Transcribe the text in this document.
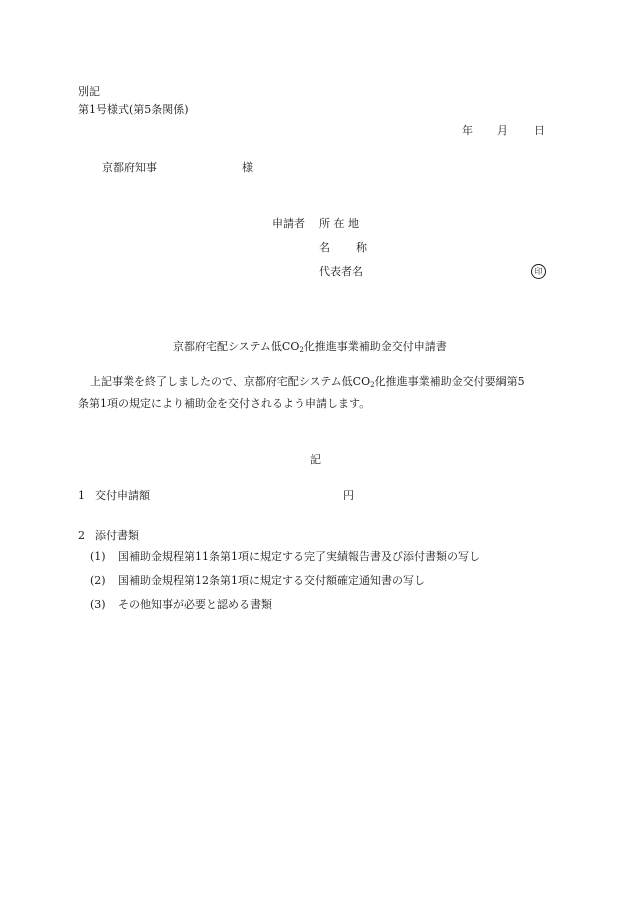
別記
第1号様式(第5条関係)
年 月 日
京都府知事	様
申請者 所 在 地
名 称
代表者名	印
京都府宅配システム低$CO_2$化推進事業補助金交付申請書
上記事業を終了しましたので、京都府宅配システム低$CO_2$化推進事業補助金交付要綱第5
条第1項の規定により補助金を交付されるよう申請します。
記
1 交付申請額	円
2 添付書類
(1) 国補助金規程第11条第1項に規定する完了実績報告書及び添付書類の写し
(2) 国補助金規程第12条第1項に規定する交付額確定通知書の写し
(3) その他知事が必要と認める書類
